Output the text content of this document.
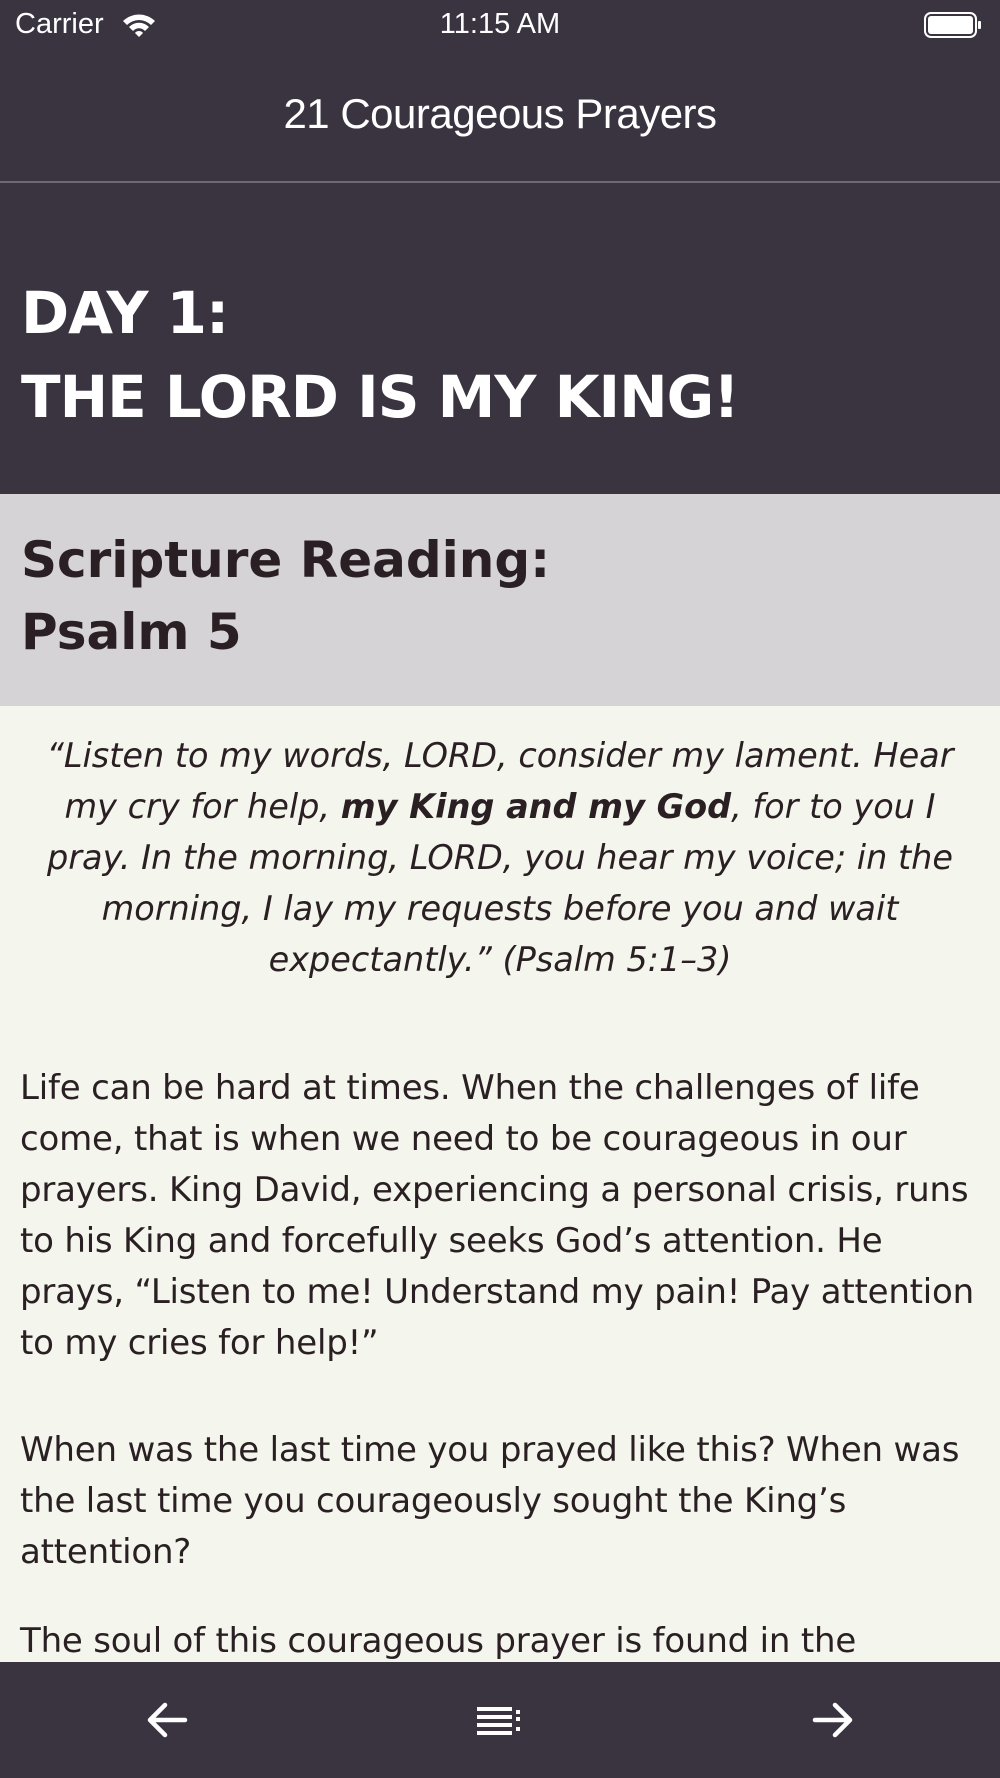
Carrier	11:15 AM
21 Courageous Prayers
DAY 1:
THE LORD IS MY KING!
Scripture Reading:
Psalm 5

“Listen to my words, LORD, consider my lament. Hear my cry for help, my King and my God, for to you I pray. In the morning, LORD, you hear my voice; in the morning, I lay my requests before you and wait expectantly.” (Psalm 5:1–3)

Life can be hard at times. When the challenges of life come, that is when we need to be courageous in our prayers. King David, experiencing a personal crisis, runs to his King and forcefully seeks God’s attention. He prays, “Listen to me! Understand my pain! Pay attention to my cries for help!”

When was the last time you prayed like this? When was the last time you courageously sought the King’s attention?

The soul of this courageous prayer is found in the
